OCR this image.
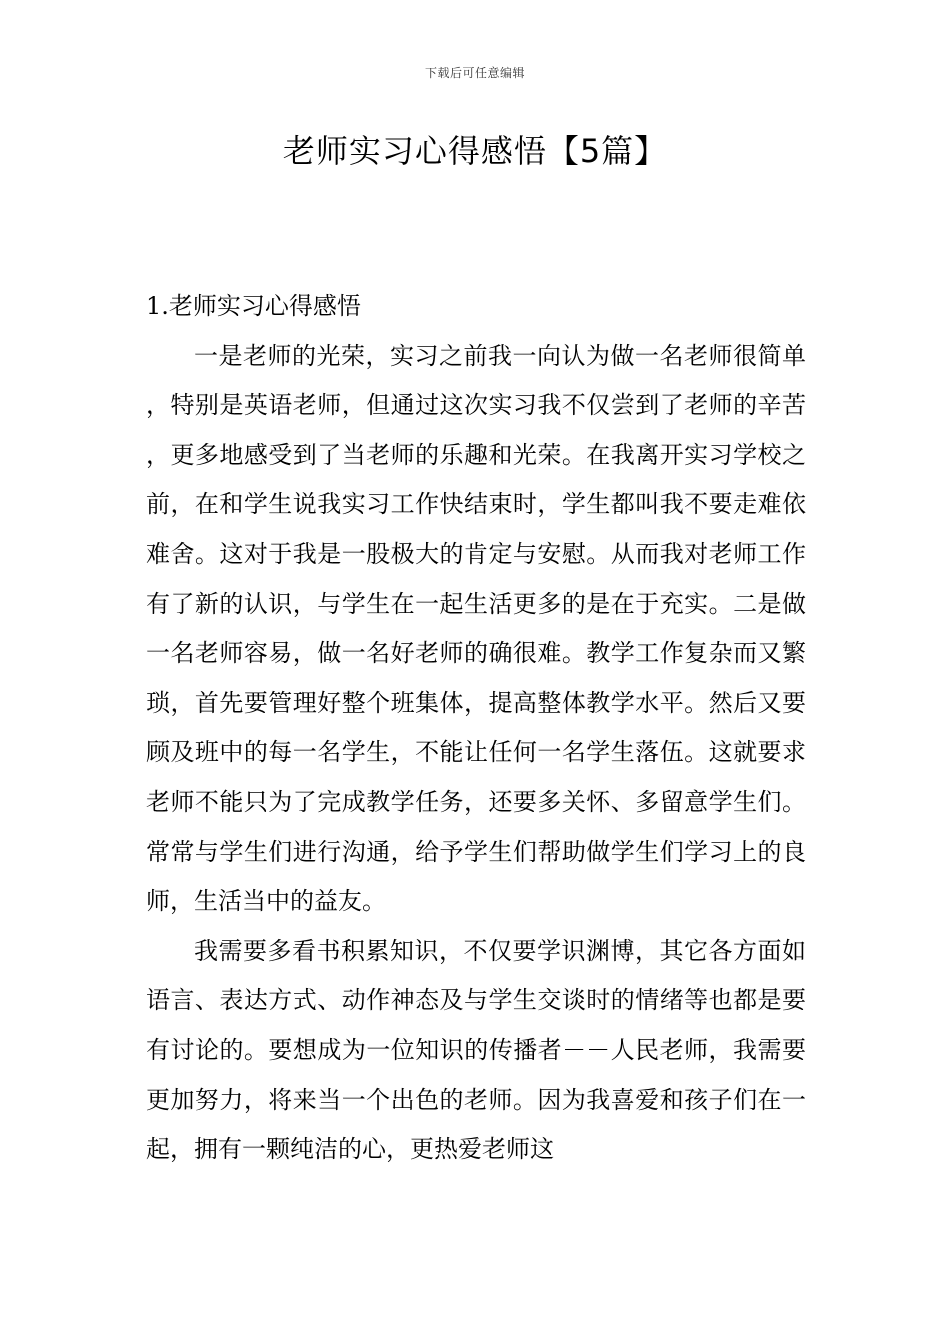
下载后可任意编辑
老师实习心得感悟【5篇】
1.老师实习心得感悟

一是老师的光荣，实习之前我一向认为做一名老师很简单，特别是英语老师，但通过这次实习我不仅尝到了老师的辛苦，更多地感受到了当老师的乐趣和光荣。在我离开实习学校之前，在和学生说我实习工作快结束时，学生都叫我不要走难依难舍。这对于我是一股极大的肯定与安慰。从而我对老师工作有了新的认识，与学生在一起生活更多的是在于充实。二是做一名老师容易，做一名好老师的确很难。教学工作复杂而又繁琐，首先要管理好整个班集体，提高整体教学水平。然后又要顾及班中的每一名学生，不能让任何一名学生落伍。这就要求老师不能只为了完成教学任务，还要多关怀、多留意学生们。常常与学生们进行沟通，给予学生们帮助做学生们学习上的良师，生活当中的益友。

我需要多看书积累知识，不仅要学识渊博，其它各方面如语言、表达方式、动作神态及与学生交谈时的情绪等也都是要有讨论的。要想成为一位知识的传播者－－人民老师，我需要更加努力，将来当一个出色的老师。因为我喜爱和孩子们在一起，拥有一颗纯洁的心，更热爱老师这
